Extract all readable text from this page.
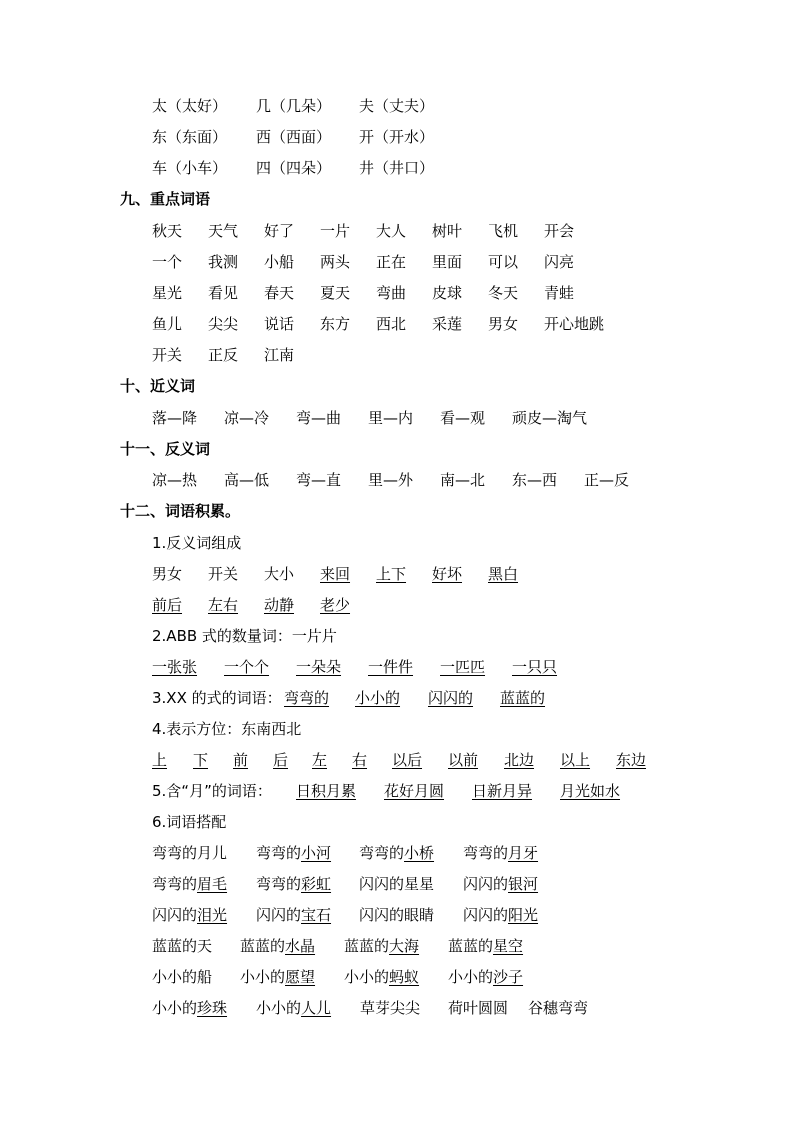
太（太好） 几（几朵） 夫（丈夫）
东（东面） 西（西面） 开（开水）
车（小车） 四（四朵） 井（井口）
九、重点词语
秋天 天气 好了 一片 大人 树叶 飞机 开会
一个 我测 小船 两头 正在 里面 可以 闪亮
星光 看见 春天 夏天 弯曲 皮球 冬天 青蛙
鱼儿 尖尖 说话 东方 西北 采莲 男女 开心地跳
开关 正反 江南
十、近义词
落—降 凉—冷 弯—曲 里—内 看—观 顽皮—淘气
十一、反义词
凉—热 高—低 弯—直 里—外 南—北 东—西 正—反
十二、词语积累。
1.反义词组成
男女 开关 大小 来回 上下 好坏 黑白
前后 左右 动静 老少
2.ABB 式的数量词：一片片
一张张 一个个 一朵朵 一件件 一匹匹 一只只
3.XX 的式的词语： 弯弯的 小小的 闪闪的 蓝蓝的
4.表示方位：东南西北
上 下 前 后 左 右 以后 以前 北边 以上 东边
5.含“月”的词语： 日积月累 花好月圆 日新月异 月光如水
6.词语搭配
弯弯的月儿 弯弯的小河 弯弯的小桥 弯弯的月牙
弯弯的眉毛 弯弯的彩虹 闪闪的星星 闪闪的银河
闪闪的泪光 闪闪的宝石 闪闪的眼睛 闪闪的阳光
蓝蓝的天 蓝蓝的水晶 蓝蓝的大海 蓝蓝的星空
小小的船 小小的愿望 小小的蚂蚁 小小的沙子
小小的珍珠 小小的人儿 草芽尖尖 荷叶圆圆 谷穗弯弯
